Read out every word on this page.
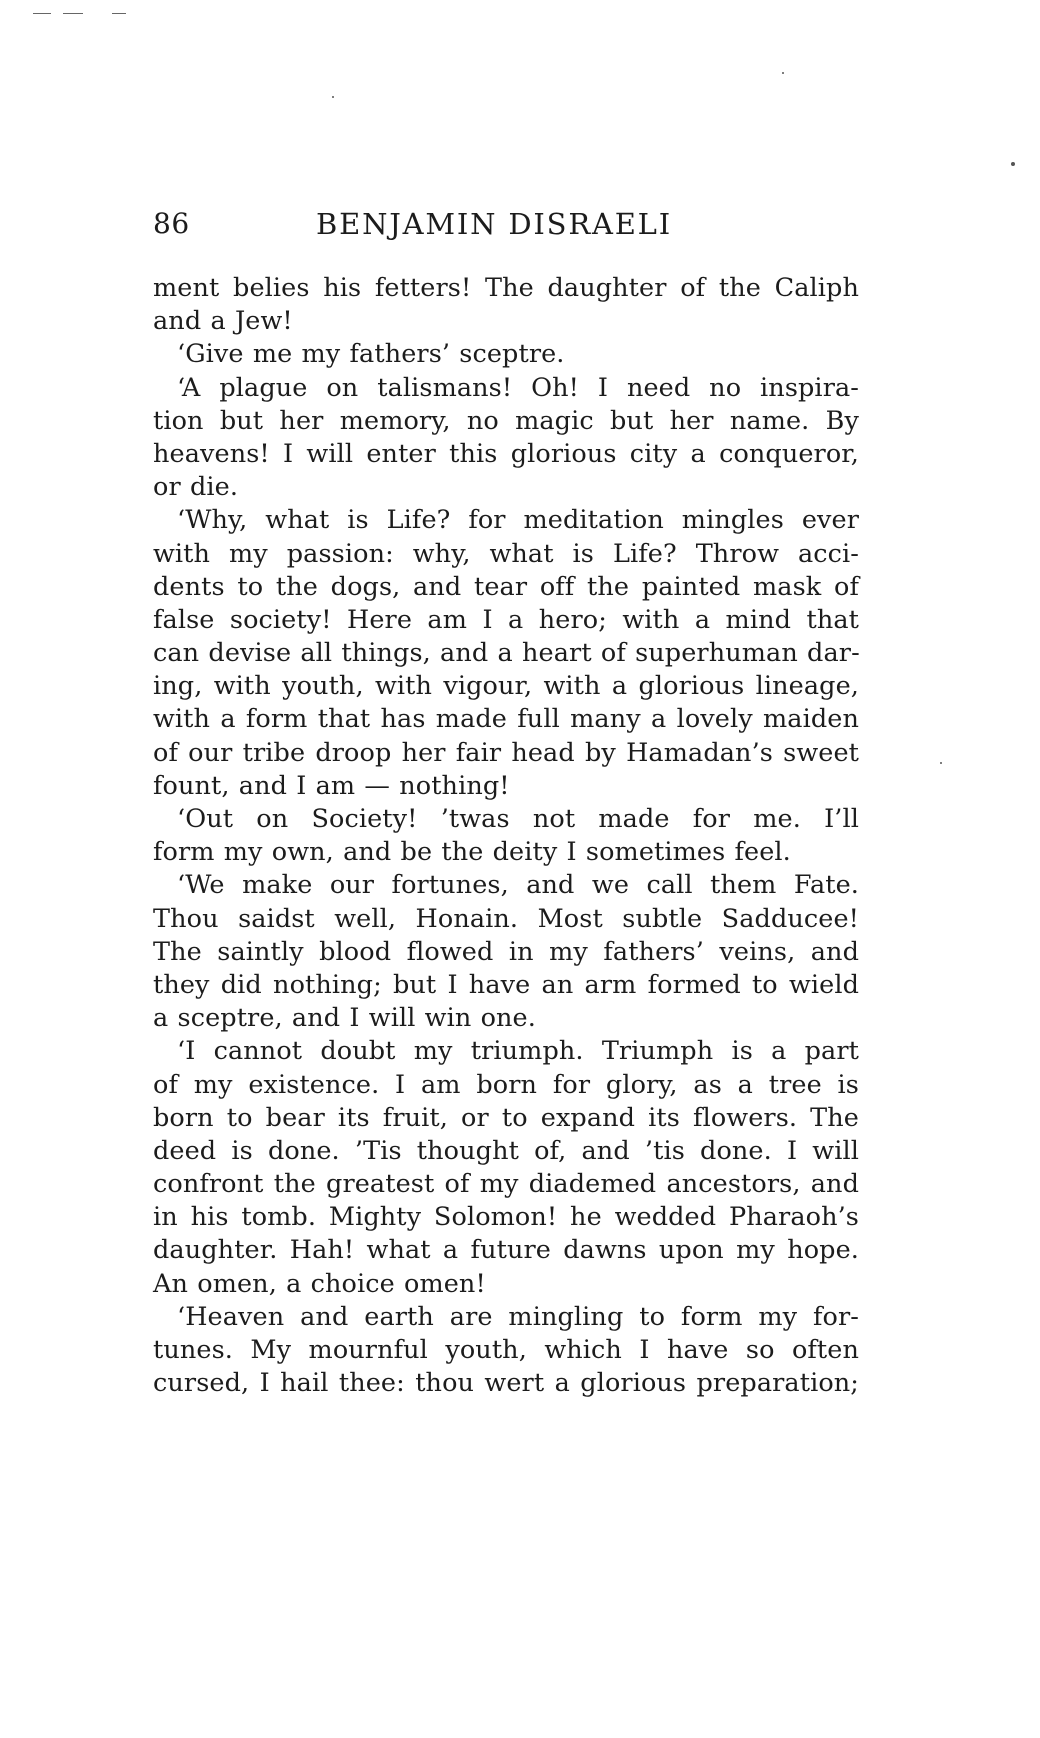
86	BENJAMIN DISRAELI
ment belies his fetters! The daughter of the Caliph
and a Jew!
‘Give me my fathers’ sceptre.
‘A plague on talismans! Oh! I need no inspira-
tion but her memory, no magic but her name. By
heavens! I will enter this glorious city a conqueror,
or die.
‘Why, what is Life? for meditation mingles ever
with my passion: why, what is Life? Throw acci-
dents to the dogs, and tear off the painted mask of
false society! Here am I a hero; with a mind that
can devise all things, and a heart of superhuman dar-
ing, with youth, with vigour, with a glorious lineage,
with a form that has made full many a lovely maiden
of our tribe droop her fair head by Hamadan’s sweet
fount, and I am — nothing!
‘Out on Society! ’twas not made for me. I’ll
form my own, and be the deity I sometimes feel.
‘We make our fortunes, and we call them Fate.
Thou saidst well, Honain. Most subtle Sadducee!
The saintly blood flowed in my fathers’ veins, and
they did nothing; but I have an arm formed to wield
a sceptre, and I will win one.
‘I cannot doubt my triumph. Triumph is a part
of my existence. I am born for glory, as a tree is
born to bear its fruit, or to expand its flowers. The
deed is done. ’Tis thought of, and ’tis done. I will
confront the greatest of my diademed ancestors, and
in his tomb. Mighty Solomon! he wedded Pharaoh’s
daughter. Hah! what a future dawns upon my hope.
An omen, a choice omen!
‘Heaven and earth are mingling to form my for-
tunes. My mournful youth, which I have so often
cursed, I hail thee: thou wert a glorious preparation;
